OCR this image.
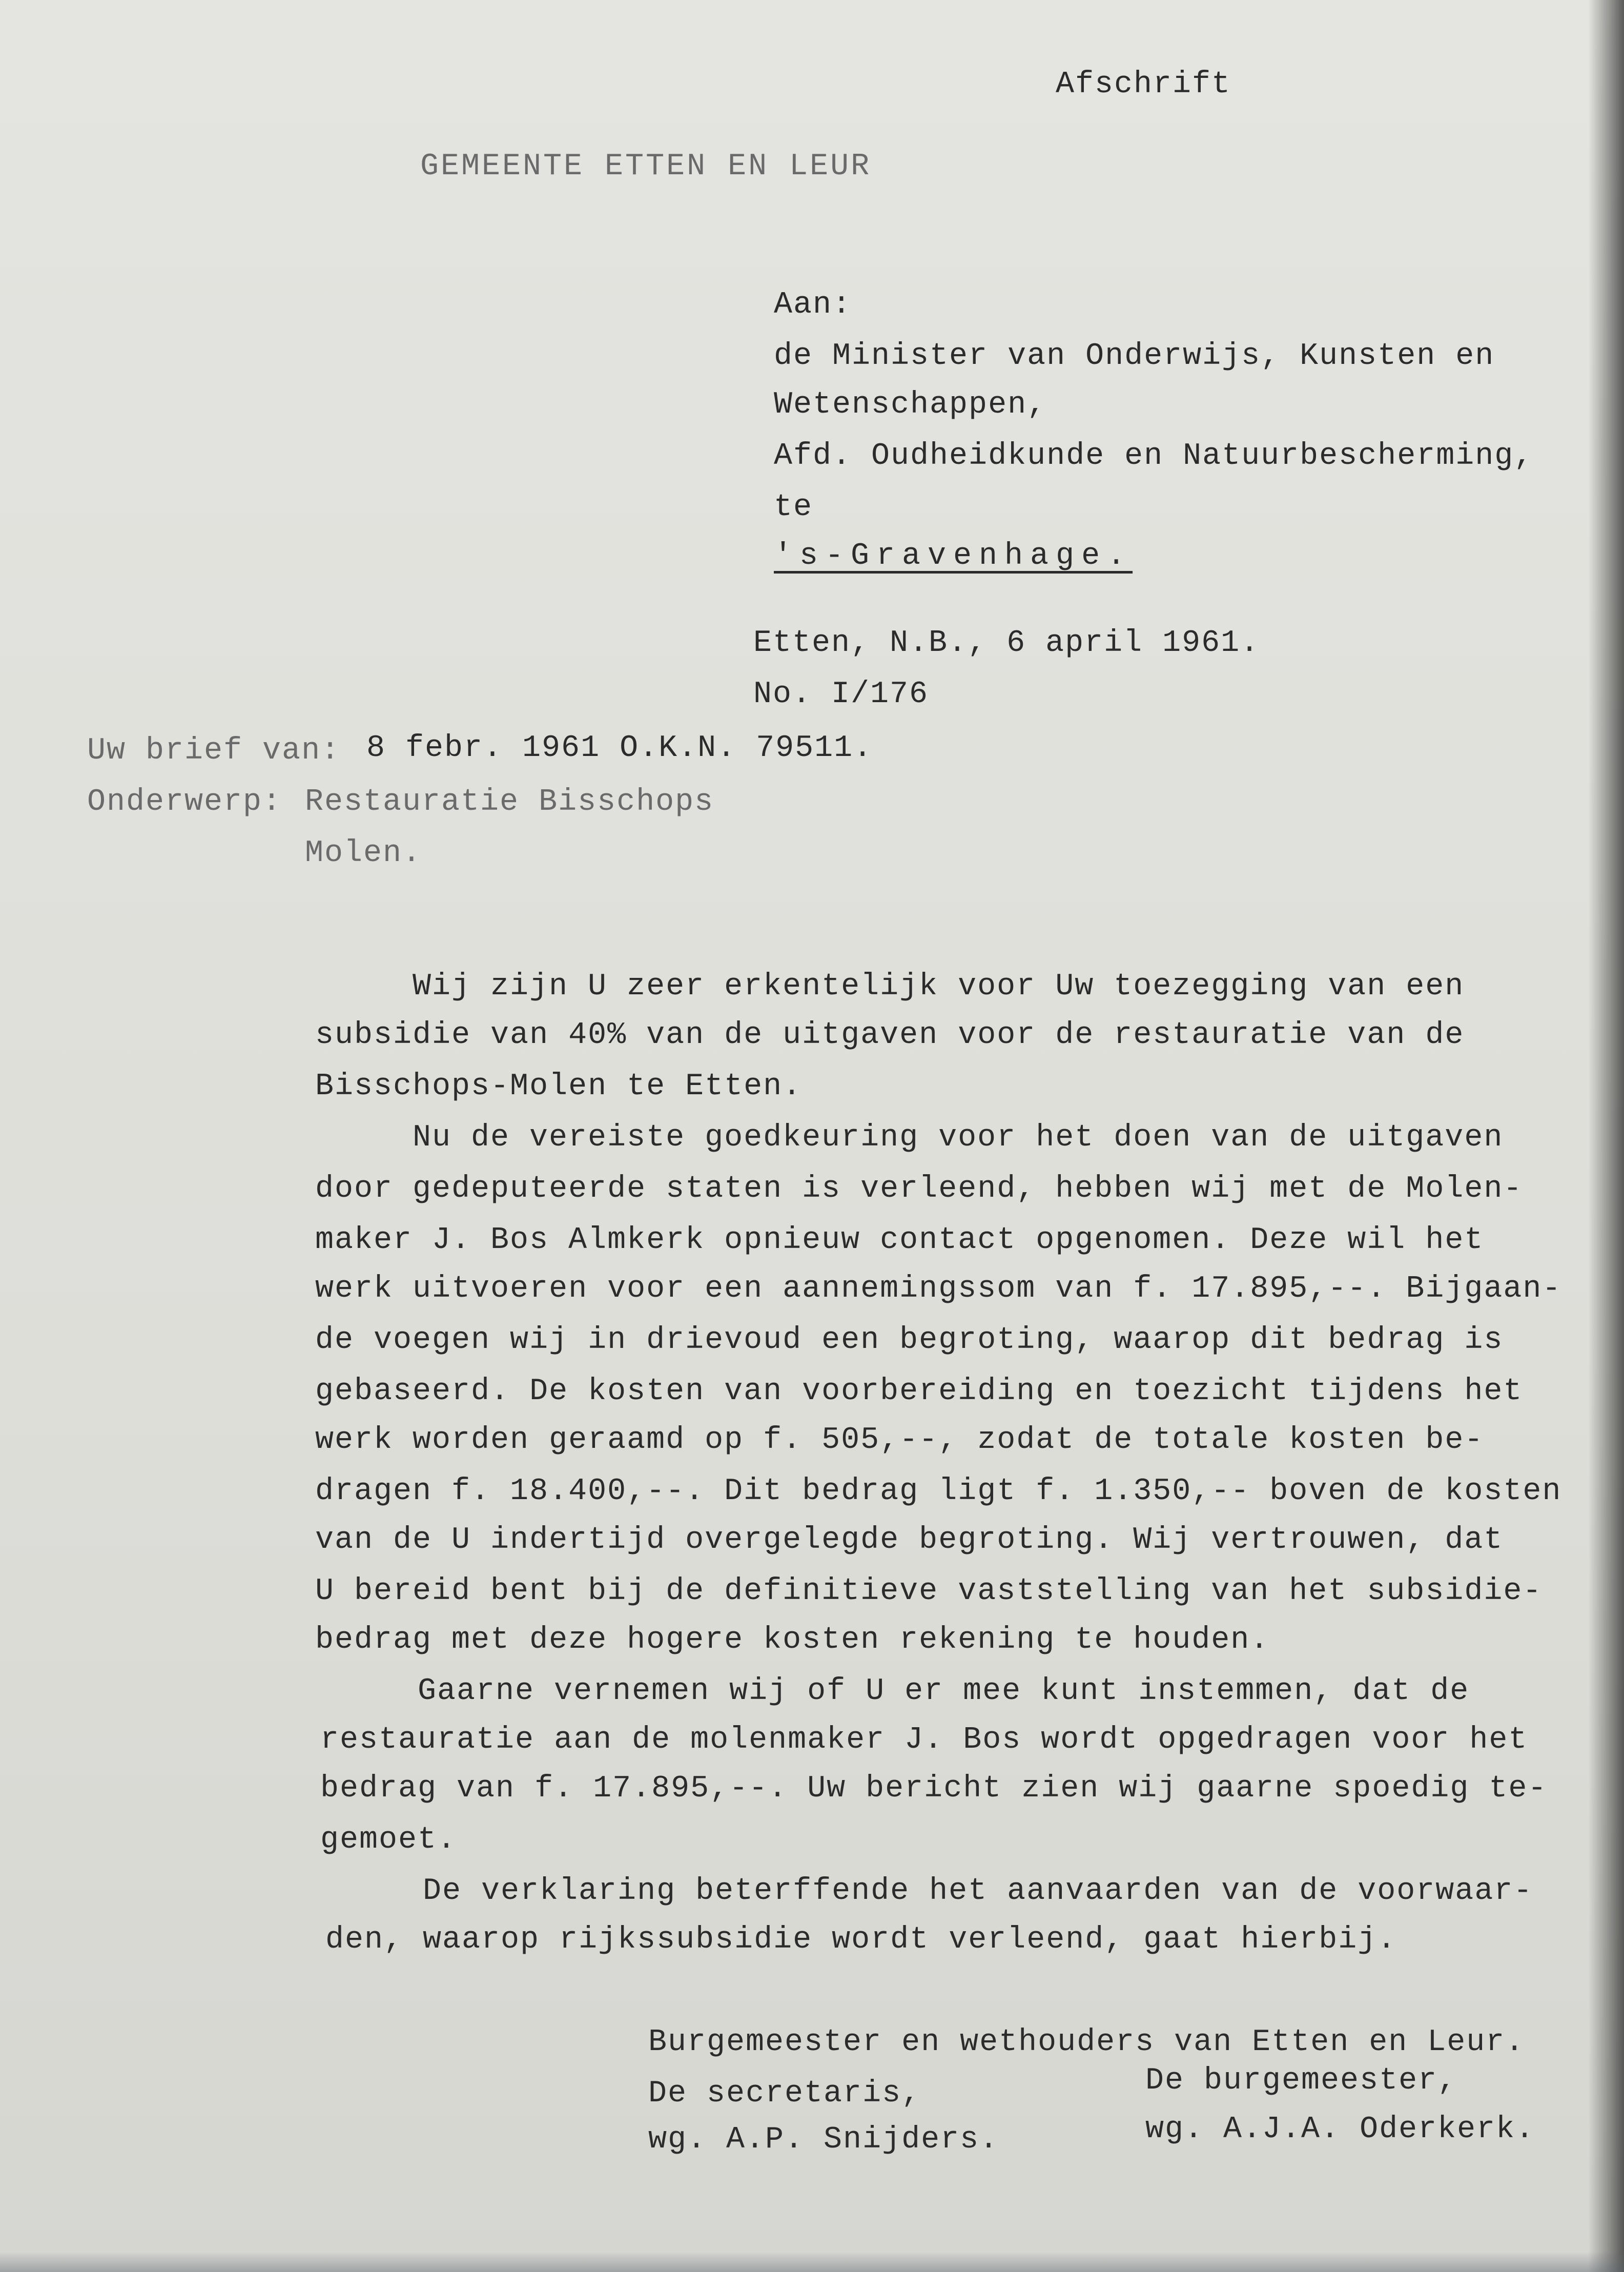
Afschrift
GEMEENTE ETTEN EN LEUR
Aan:
de Minister van Onderwijs, Kunsten en
Wetenschappen,
Afd. Oudheidkunde en Natuurbescherming,
te
's-Gravenhage.
Etten, N.B., 6 april 1961.
No. I/176
Uw brief van: 8 febr. 1961 O.K.N. 79511.
Onderwerp: Restauratie Bisschops
Molen.
Wij zijn U zeer erkentelijk voor Uw toezegging van een
subsidie van 40% van de uitgaven voor de restauratie van de
Bisschops-Molen te Etten.
Nu de vereiste goedkeuring voor het doen van de uitgaven
door gedeputeerde staten is verleend, hebben wij met de Molen-
maker J. Bos Almkerk opnieuw contact opgenomen. Deze wil het
werk uitvoeren voor een aannemingssom van f. 17.895,--. Bijgaan-
de voegen wij in drievoud een begroting, waarop dit bedrag is
gebaseerd. De kosten van voorbereiding en toezicht tijdens het
werk worden geraamd op f. 505,--, zodat de totale kosten be-
dragen f. 18.400,--. Dit bedrag ligt f. 1.350,-- boven de kosten
van de U indertijd overgelegde begroting. Wij vertrouwen, dat
U bereid bent bij de definitieve vaststelling van het subsidie-
bedrag met deze hogere kosten rekening te houden.
Gaarne vernemen wij of U er mee kunt instemmen, dat de
restauratie aan de molenmaker J. Bos wordt opgedragen voor het
bedrag van f. 17.895,--. Uw bericht zien wij gaarne spoedig te-
gemoet.
De verklaring beterffende het aanvaarden van de voorwaar-
den, waarop rijkssubsidie wordt verleend, gaat hierbij.
Burgemeester en wethouders van Etten en Leur.
De secretaris,	De burgemeester,
wg. A.P. Snijders.	wg. A.J.A. Oderkerk.
